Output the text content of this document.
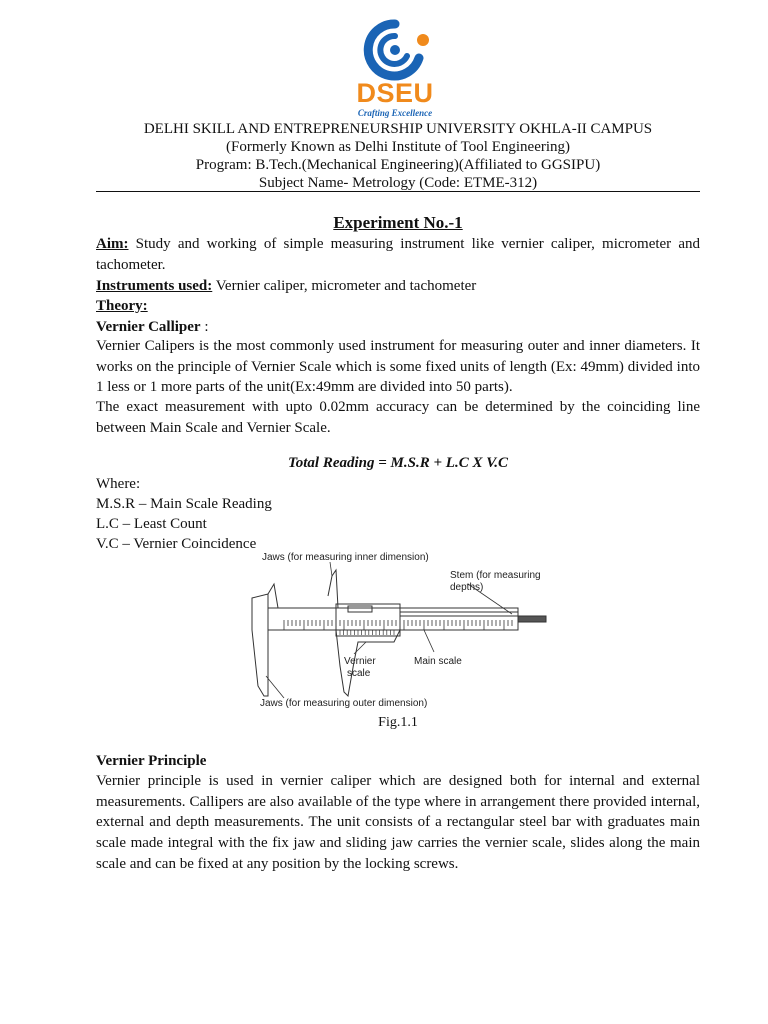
DSEU
Crafting Excellence
DELHI SKILL AND ENTREPRENEURSHIP UNIVERSITY OKHLA-II CAMPUS
(Formerly Known as Delhi Institute of Tool Engineering)
Program: B.Tech.(Mechanical Engineering)(Affiliated to GGSIPU)
Subject Name- Metrology (Code: ETME-312)
Experiment No.-1

Aim: Study and working of simple measuring instrument like vernier caliper, micrometer and tachometer.

Instruments used: Vernier caliper, micrometer and tachometer
Theory:
Vernier Calliper :

Vernier Calipers is the most commonly used instrument for measuring outer and inner diameters. It works on the principle of Vernier Scale which is some fixed units of length (Ex: 49mm) divided into 1 less or 1 more parts of the unit(Ex:49mm are divided into 50 parts).

The exact measurement with upto 0.02mm accuracy can be determined by the coinciding line between Main Scale and Vernier Scale.

Total Reading = M.S.R + L.C X V.C
Where:
M.S.R – Main Scale Reading
L.C – Least Count
V.C – Vernier Coincidence
Jaws (for measuring inner dimension)
Stem (for measuring
depths)
Vernier
scale
Main scale
Jaws (for measuring outer dimension)
Fig.1.1
Vernier Principle

Vernier principle is used in vernier caliper which are designed both for internal and external measurements. Callipers are also available of the type where in arrangement there provided internal, external and depth measurements. The unit consists of a rectangular steel bar with graduates main scale made integral with the fix jaw and sliding jaw carries the vernier scale, slides along the main scale and can be fixed at any position by the locking screws.
